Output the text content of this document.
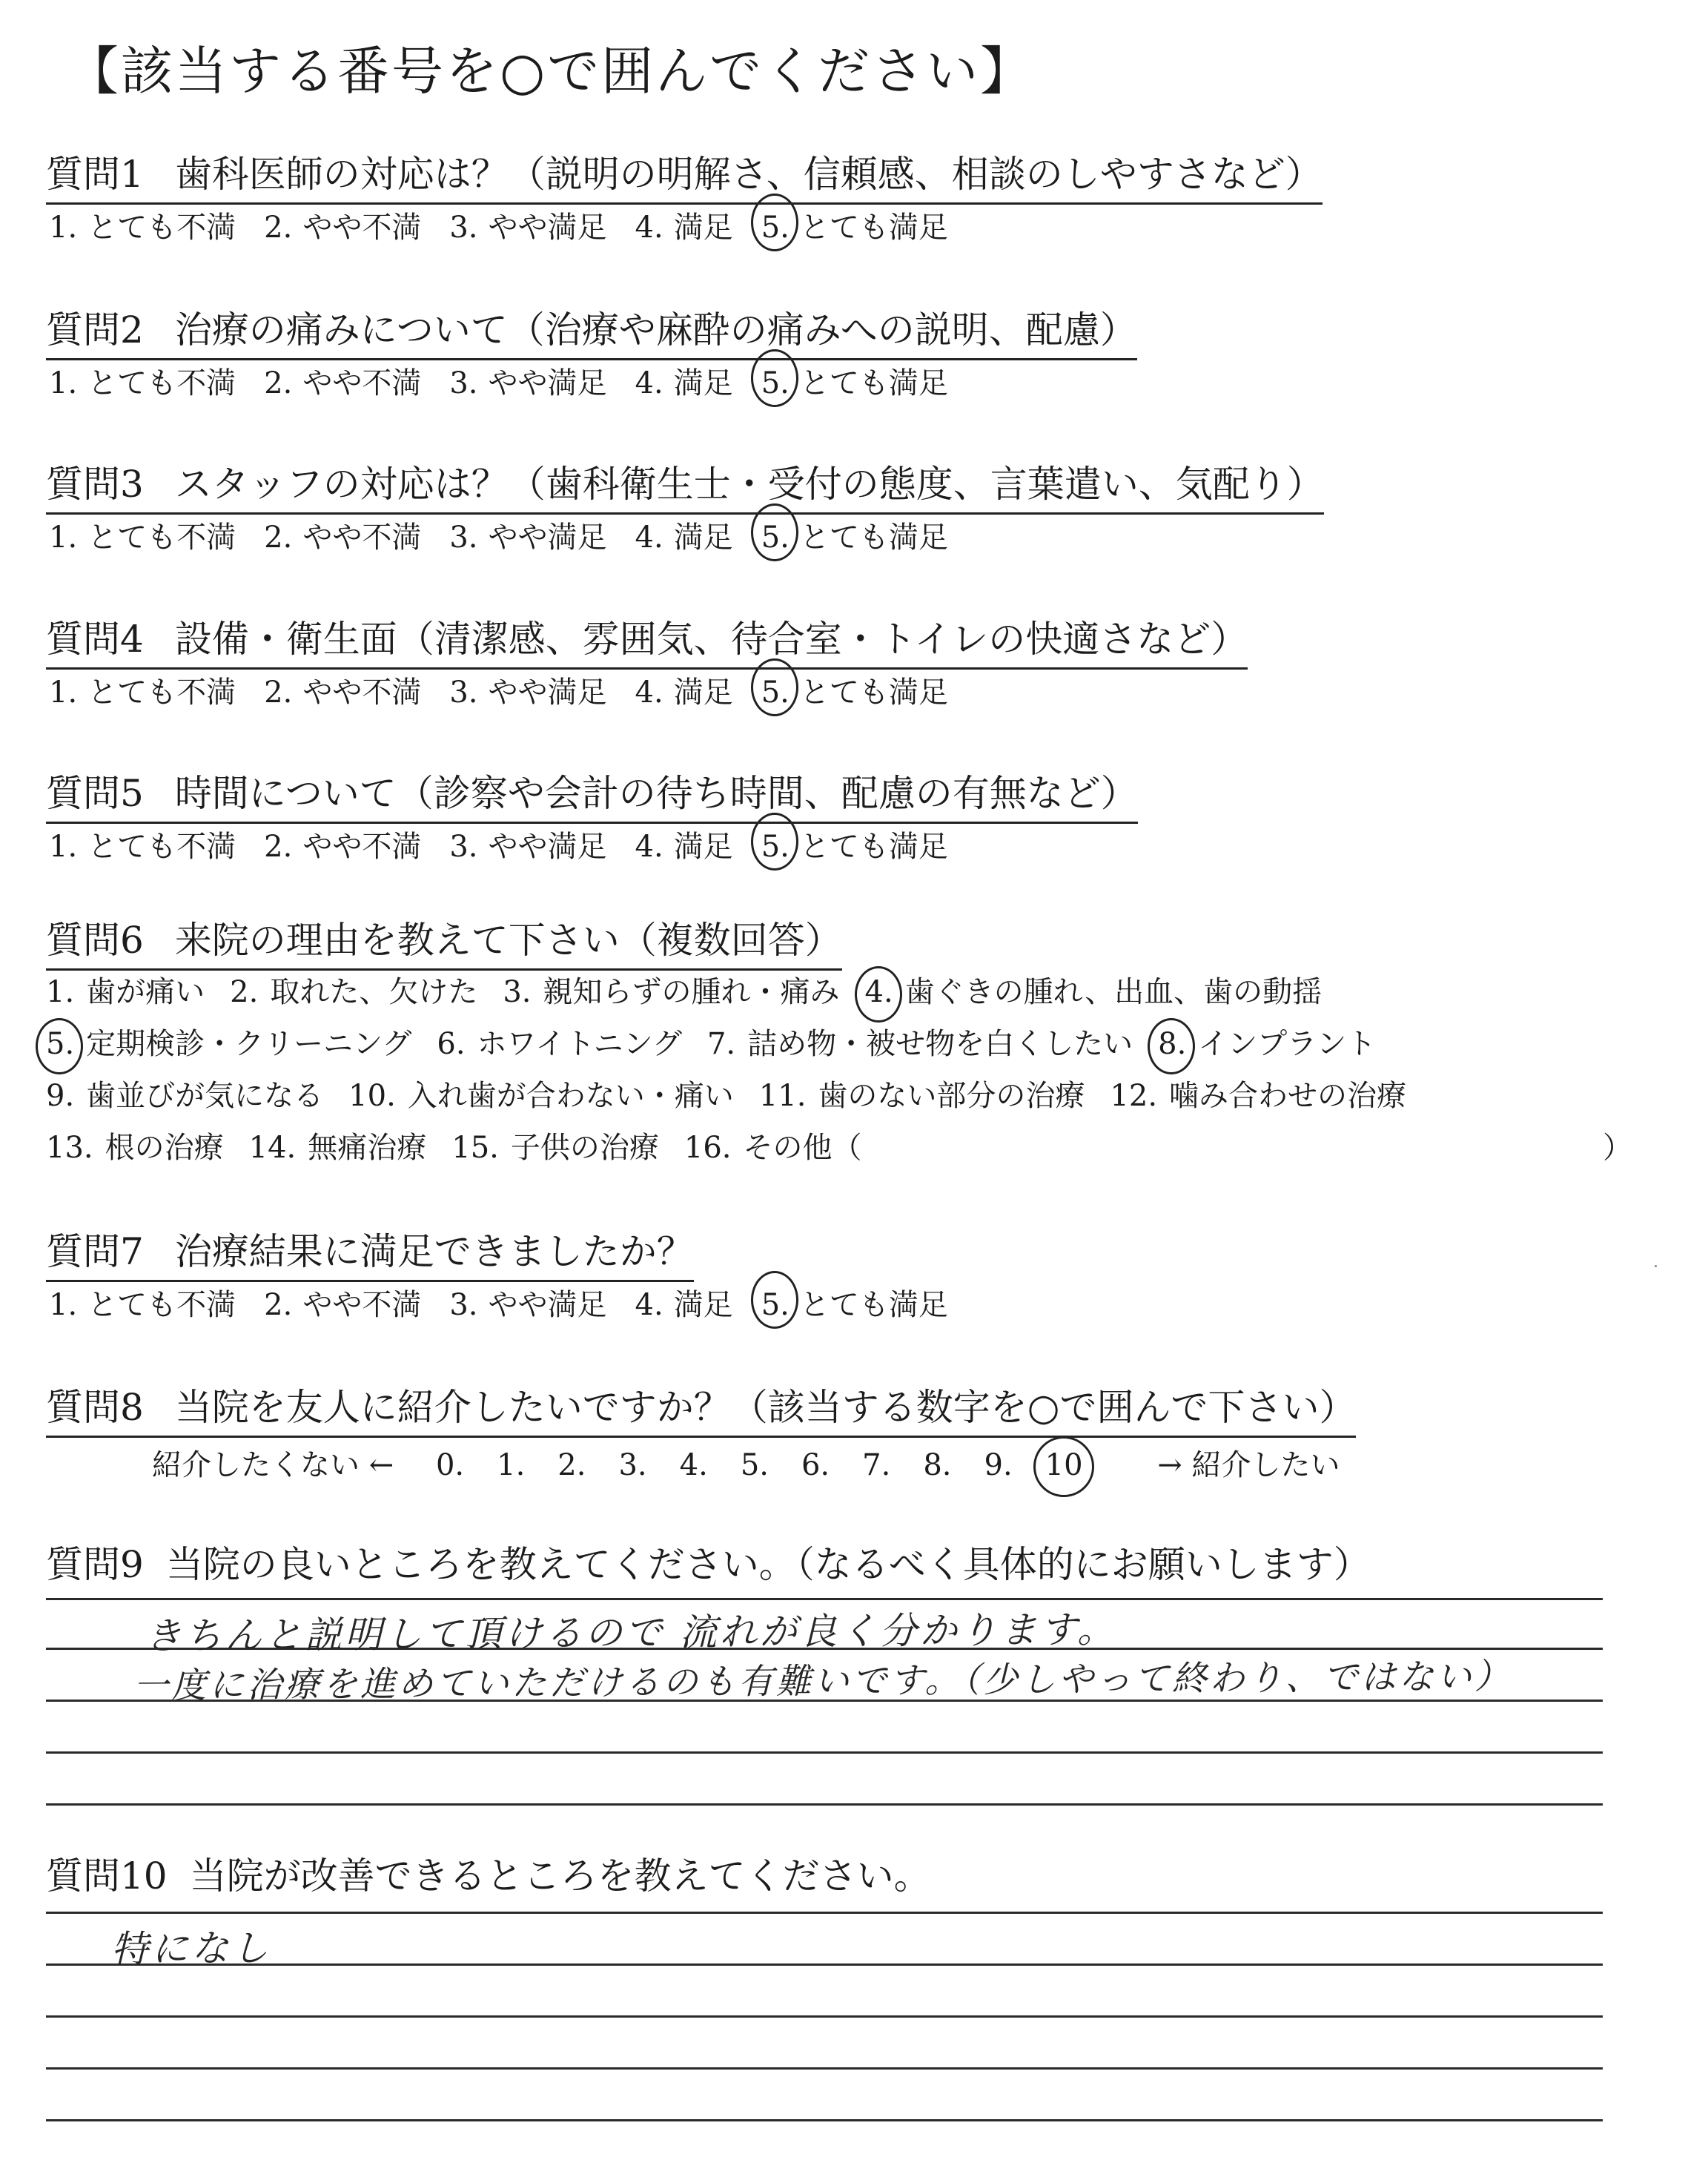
【該当する番号を○で囲んでください】
質問1 歯科医師の対応は？（説明の明解さ、信頼感、相談のしやすさなど）
1. とても不満 2. やや不満 3. やや満足 4. 満足 5. とても満足
質問2 治療の痛みについて（治療や麻酔の痛みへの説明、配慮）
1. とても不満 2. やや不満 3. やや満足 4. 満足 5. とても満足
質問3 スタッフの対応は？（歯科衛生士・受付の態度、言葉遣い、気配り）
1. とても不満 2. やや不満 3. やや満足 4. 満足 5. とても満足
質問4 設備・衛生面（清潔感、雰囲気、待合室・トイレの快適さなど）
1. とても不満 2. やや不満 3. やや満足 4. 満足 5. とても満足
質問5 時間について（診察や会計の待ち時間、配慮の有無など）
1. とても不満 2. やや不満 3. やや満足 4. 満足 5. とても満足
質問6 来院の理由を教えて下さい（複数回答）
1. 歯が痛い 2. 取れた、欠けた 3. 親知らずの腫れ・痛み 4. 歯ぐきの腫れ、出血、歯の動揺
5. 定期検診・クリーニング 6. ホワイトニング 7. 詰め物・被せ物を白くしたい 8. インプラント
9. 歯並びが気になる 10. 入れ歯が合わない・痛い 11. 歯のない部分の治療 12. 噛み合わせの治療
13. 根の治療 14. 無痛治療 15. 子供の治療 16. その他（	）
質問7 治療結果に満足できましたか？
1. とても不満 2. やや不満 3. やや満足 4. 満足 5. とても満足
質問8 当院を友人に紹介したいですか？（該当する数字を○で囲んで下さい）
紹介したくない ← 0. 1. 2. 3. 4. 5. 6. 7. 8. 9. 10	→ 紹介したい
質問9 当院の良いところを教えてください。（なるべく具体的にお願いします）
きちんと説明して頂けるので 流れが良く分かります。
一度に治療を進めていただけるのも有難いです。（少しやって終わり、ではない）
質問10 当院が改善できるところを教えてください。
特になし
